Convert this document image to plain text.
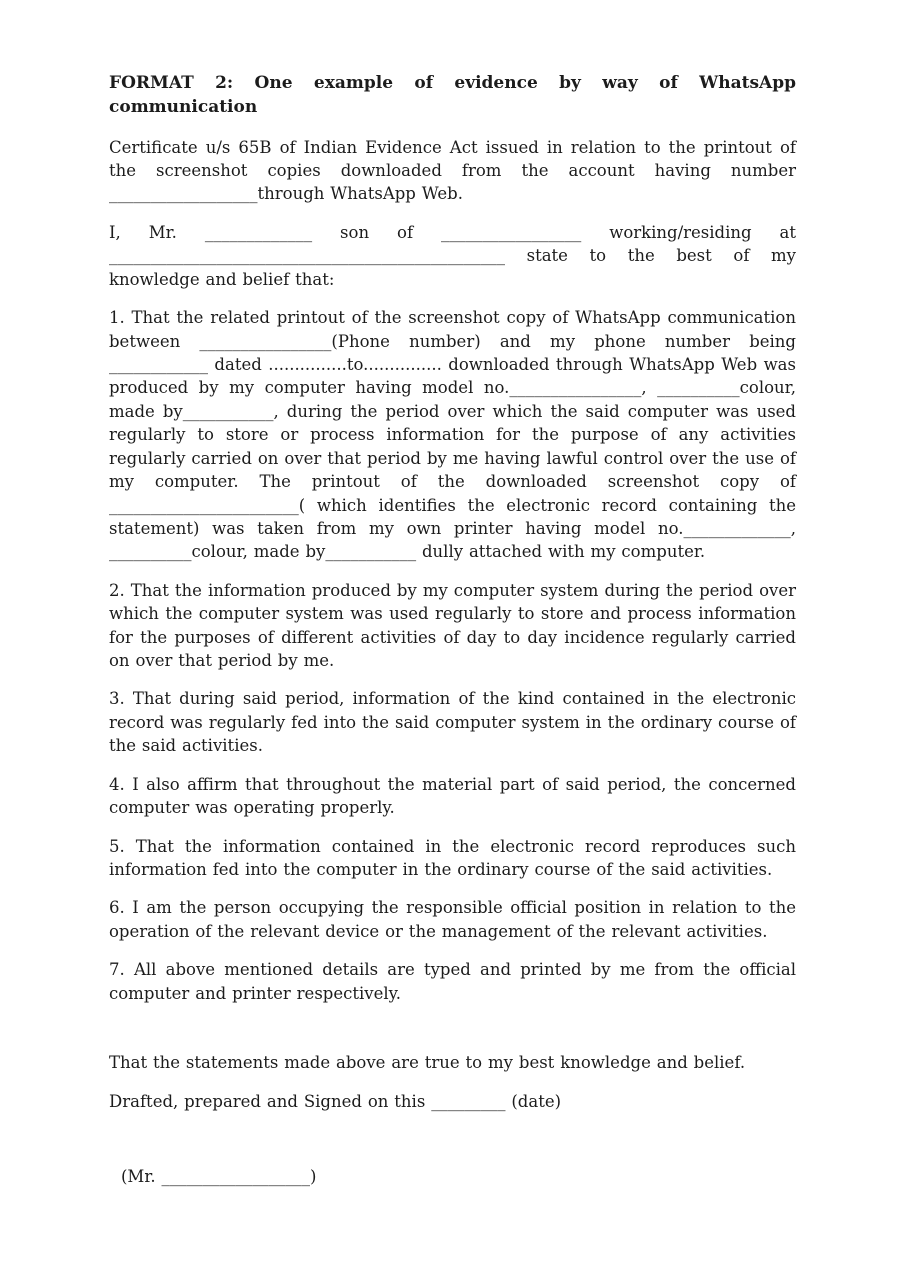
FORMAT 2: One example of evidence by way of WhatsApp communication

Certificate u/s 65B of Indian Evidence Act issued in relation to the printout of the screenshot copies downloaded from the account having number __________________through WhatsApp Web.

I, Mr. _____________ son of _________________ working/residing at ________________________________________________ state to the best of my knowledge and belief that:

1. That the related printout of the screenshot copy of WhatsApp communication between ________________(Phone number) and my phone number being ____________ dated ...............to............... downloaded through WhatsApp Web was produced by my computer having model no.________________, __________colour, made by___________, during the period over which the said computer was used regularly to store or process information for the purpose of any activities regularly carried on over that period by me having lawful control over the use of my computer. The printout of the downloaded screenshot copy of _______________________( which identifies the electronic record containing the statement) was taken from my own printer having model no._____________, __________colour, made by___________ dully attached with my computer.

2. That the information produced by my computer system during the period over which the computer system was used regularly to store and process information for the purposes of different activities of day to day incidence regularly carried on over that period by me.

3. That during said period, information of the kind contained in the electronic record was regularly fed into the said computer system in the ordinary course of the said activities.

4. I also affirm that throughout the material part of said period, the concerned computer was operating properly.

5. That the information contained in the electronic record reproduces such information fed into the computer in the ordinary course of the said activities.

6. I am the person occupying the responsible official position in relation to the operation of the relevant device or the management of the relevant activities.

7. All above mentioned details are typed and printed by me from the official computer and printer respectively.

That the statements made above are true to my best knowledge and belief.

Drafted, prepared and Signed on this _________ (date)

(Mr. __________________)
